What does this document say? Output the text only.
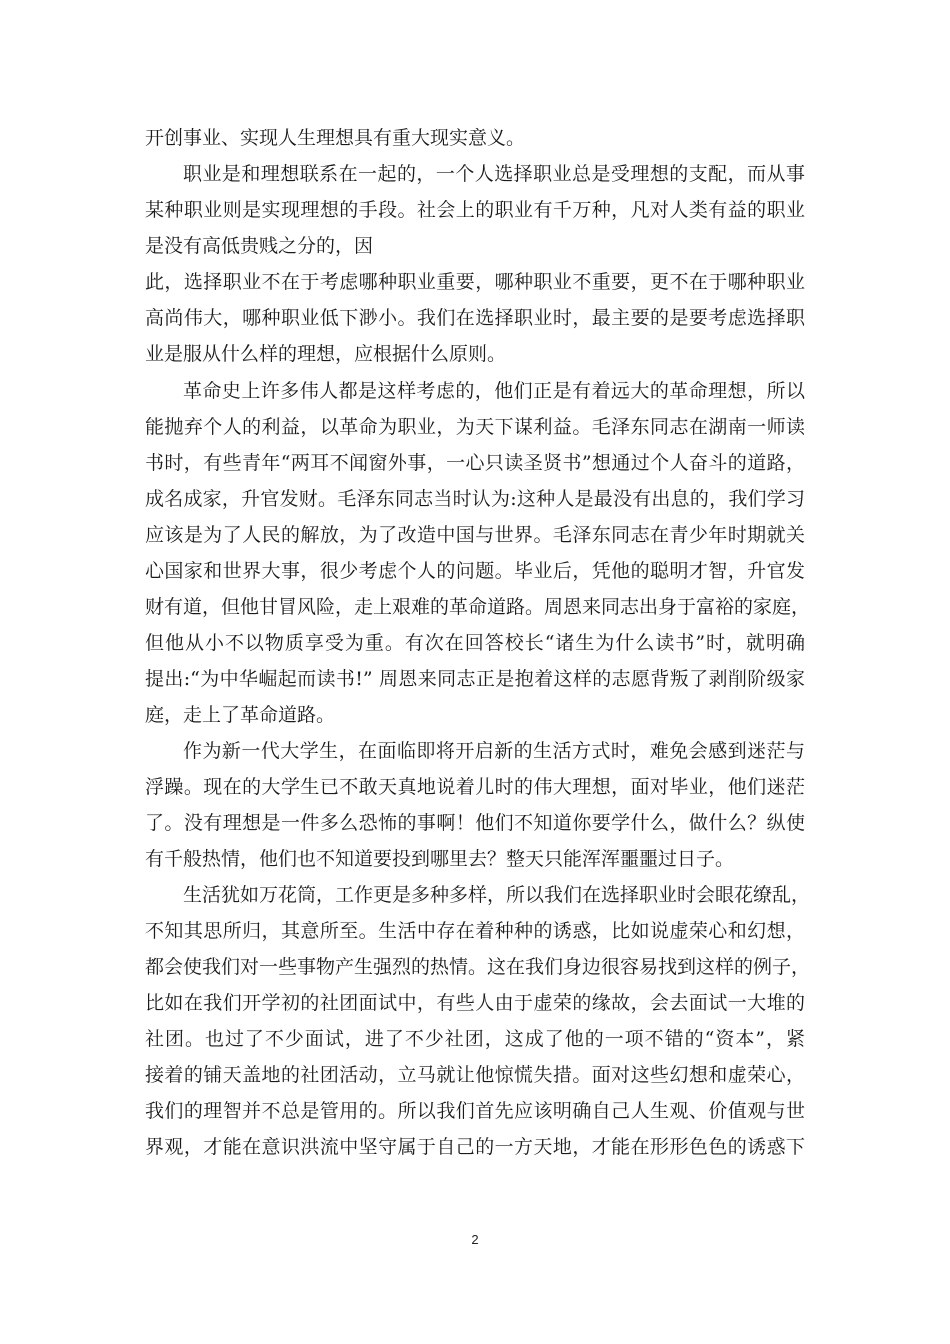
开创事业、实现人生理想具有重大现实意义。
职业是和理想联系在一起的，一个人选择职业总是受理想的支配，而从事
某种职业则是实现理想的手段。社会上的职业有千万种，凡对人类有益的职业
是没有高低贵贱之分的，因
此，选择职业不在于考虑哪种职业重要，哪种职业不重要，更不在于哪种职业
高尚伟大，哪种职业低下渺小。我们在选择职业时，最主要的是要考虑选择职
业是服从什么样的理想，应根据什么原则。
革命史上许多伟人都是这样考虑的，他们正是有着远大的革命理想，所以
能抛弃个人的利益，以革命为职业，为天下谋利益。毛泽东同志在湖南一师读
书时，有些青年“两耳不闻窗外事，一心只读圣贤书”想通过个人奋斗的道路，
成名成家，升官发财。毛泽东同志当时认为:这种人是最没有出息的，我们学习
应该是为了人民的解放，为了改造中国与世界。毛泽东同志在青少年时期就关
心国家和世界大事，很少考虑个人的问题。毕业后，凭他的聪明才智，升官发
财有道，但他甘冒风险，走上艰难的革命道路。周恩来同志出身于富裕的家庭，
但他从小不以物质享受为重。有次在回答校长“诸生为什么读书”时，就明确
提出:“为中华崛起而读书!” 周恩来同志正是抱着这样的志愿背叛了剥削阶级家
庭，走上了革命道路。
作为新一代大学生，在面临即将开启新的生活方式时，难免会感到迷茫与
浮躁。现在的大学生已不敢天真地说着儿时的伟大理想，面对毕业，他们迷茫
了。没有理想是一件多么恐怖的事啊！他们不知道你要学什么，做什么？纵使
有千般热情，他们也不知道要投到哪里去？整天只能浑浑噩噩过日子。
生活犹如万花筒，工作更是多种多样，所以我们在选择职业时会眼花缭乱，
不知其思所归，其意所至。生活中存在着种种的诱惑，比如说虚荣心和幻想，
都会使我们对一些事物产生强烈的热情。这在我们身边很容易找到这样的例子，
比如在我们开学初的社团面试中，有些人由于虚荣的缘故，会去面试一大堆的
社团。也过了不少面试，进了不少社团，这成了他的一项不错的“资本”，紧
接着的铺天盖地的社团活动，立马就让他惊慌失措。面对这些幻想和虚荣心，
我们的理智并不总是管用的。所以我们首先应该明确自己人生观、价值观与世
界观，才能在意识洪流中坚守属于自己的一方天地，才能在形形色色的诱惑下
2
